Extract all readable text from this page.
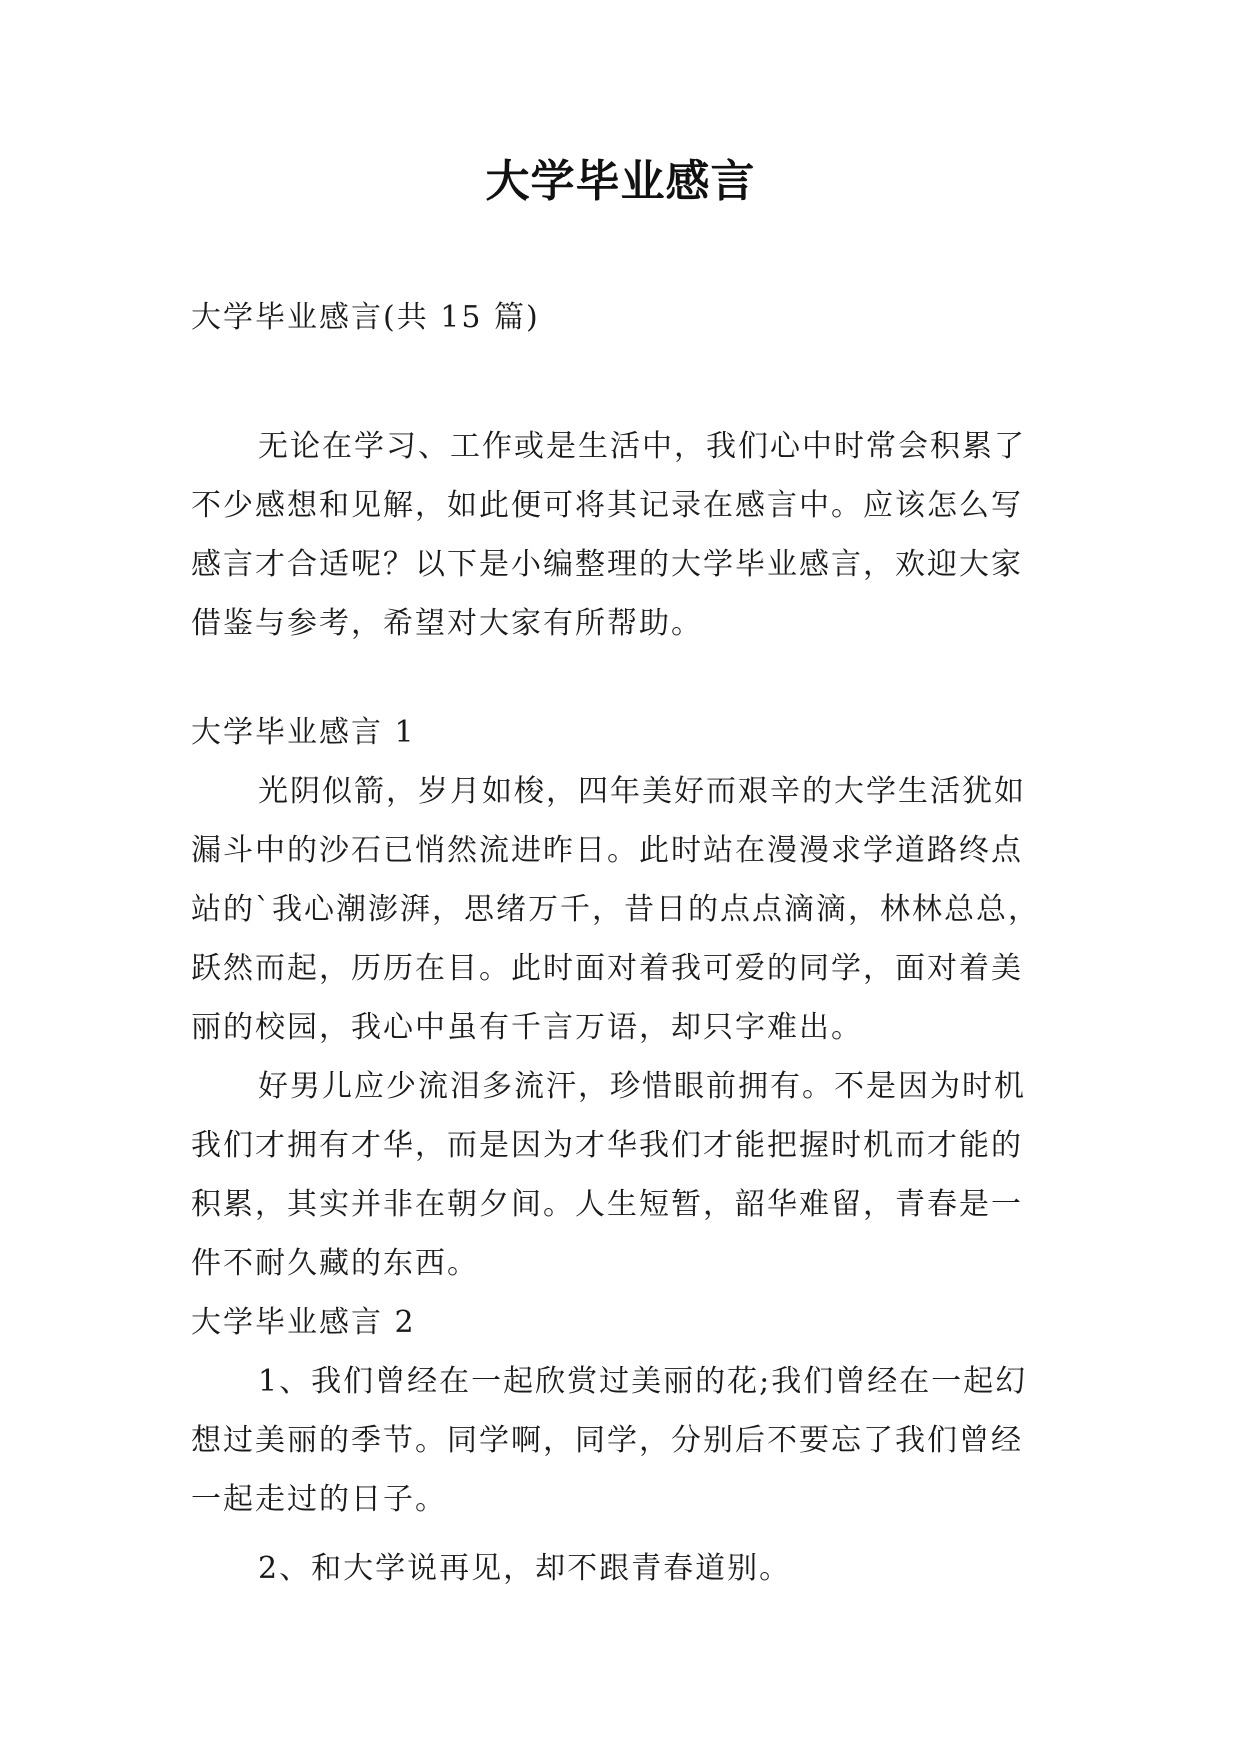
大学毕业感言
大学毕业感言(共 15 篇)
无论在学习、工作或是生活中，我们心中时常会积累了
不少感想和见解，如此便可将其记录在感言中。应该怎么写
感言才合适呢？以下是小编整理的大学毕业感言，欢迎大家
借鉴与参考，希望对大家有所帮助。
大学毕业感言 1
光阴似箭，岁月如梭，四年美好而艰辛的大学生活犹如
漏斗中的沙石已悄然流进昨日。此时站在漫漫求学道路终点
站的`我心潮澎湃，思绪万千，昔日的点点滴滴，林林总总，
跃然而起，历历在目。此时面对着我可爱的同学，面对着美
丽的校园，我心中虽有千言万语，却只字难出。
好男儿应少流泪多流汗，珍惜眼前拥有。不是因为时机
我们才拥有才华，而是因为才华我们才能把握时机而才能的
积累，其实并非在朝夕间。人生短暂，韶华难留，青春是一
件不耐久藏的东西。
大学毕业感言 2
1、我们曾经在一起欣赏过美丽的花;我们曾经在一起幻
想过美丽的季节。同学啊，同学，分别后不要忘了我们曾经
一起走过的日子。
2、和大学说再见，却不跟青春道别。
